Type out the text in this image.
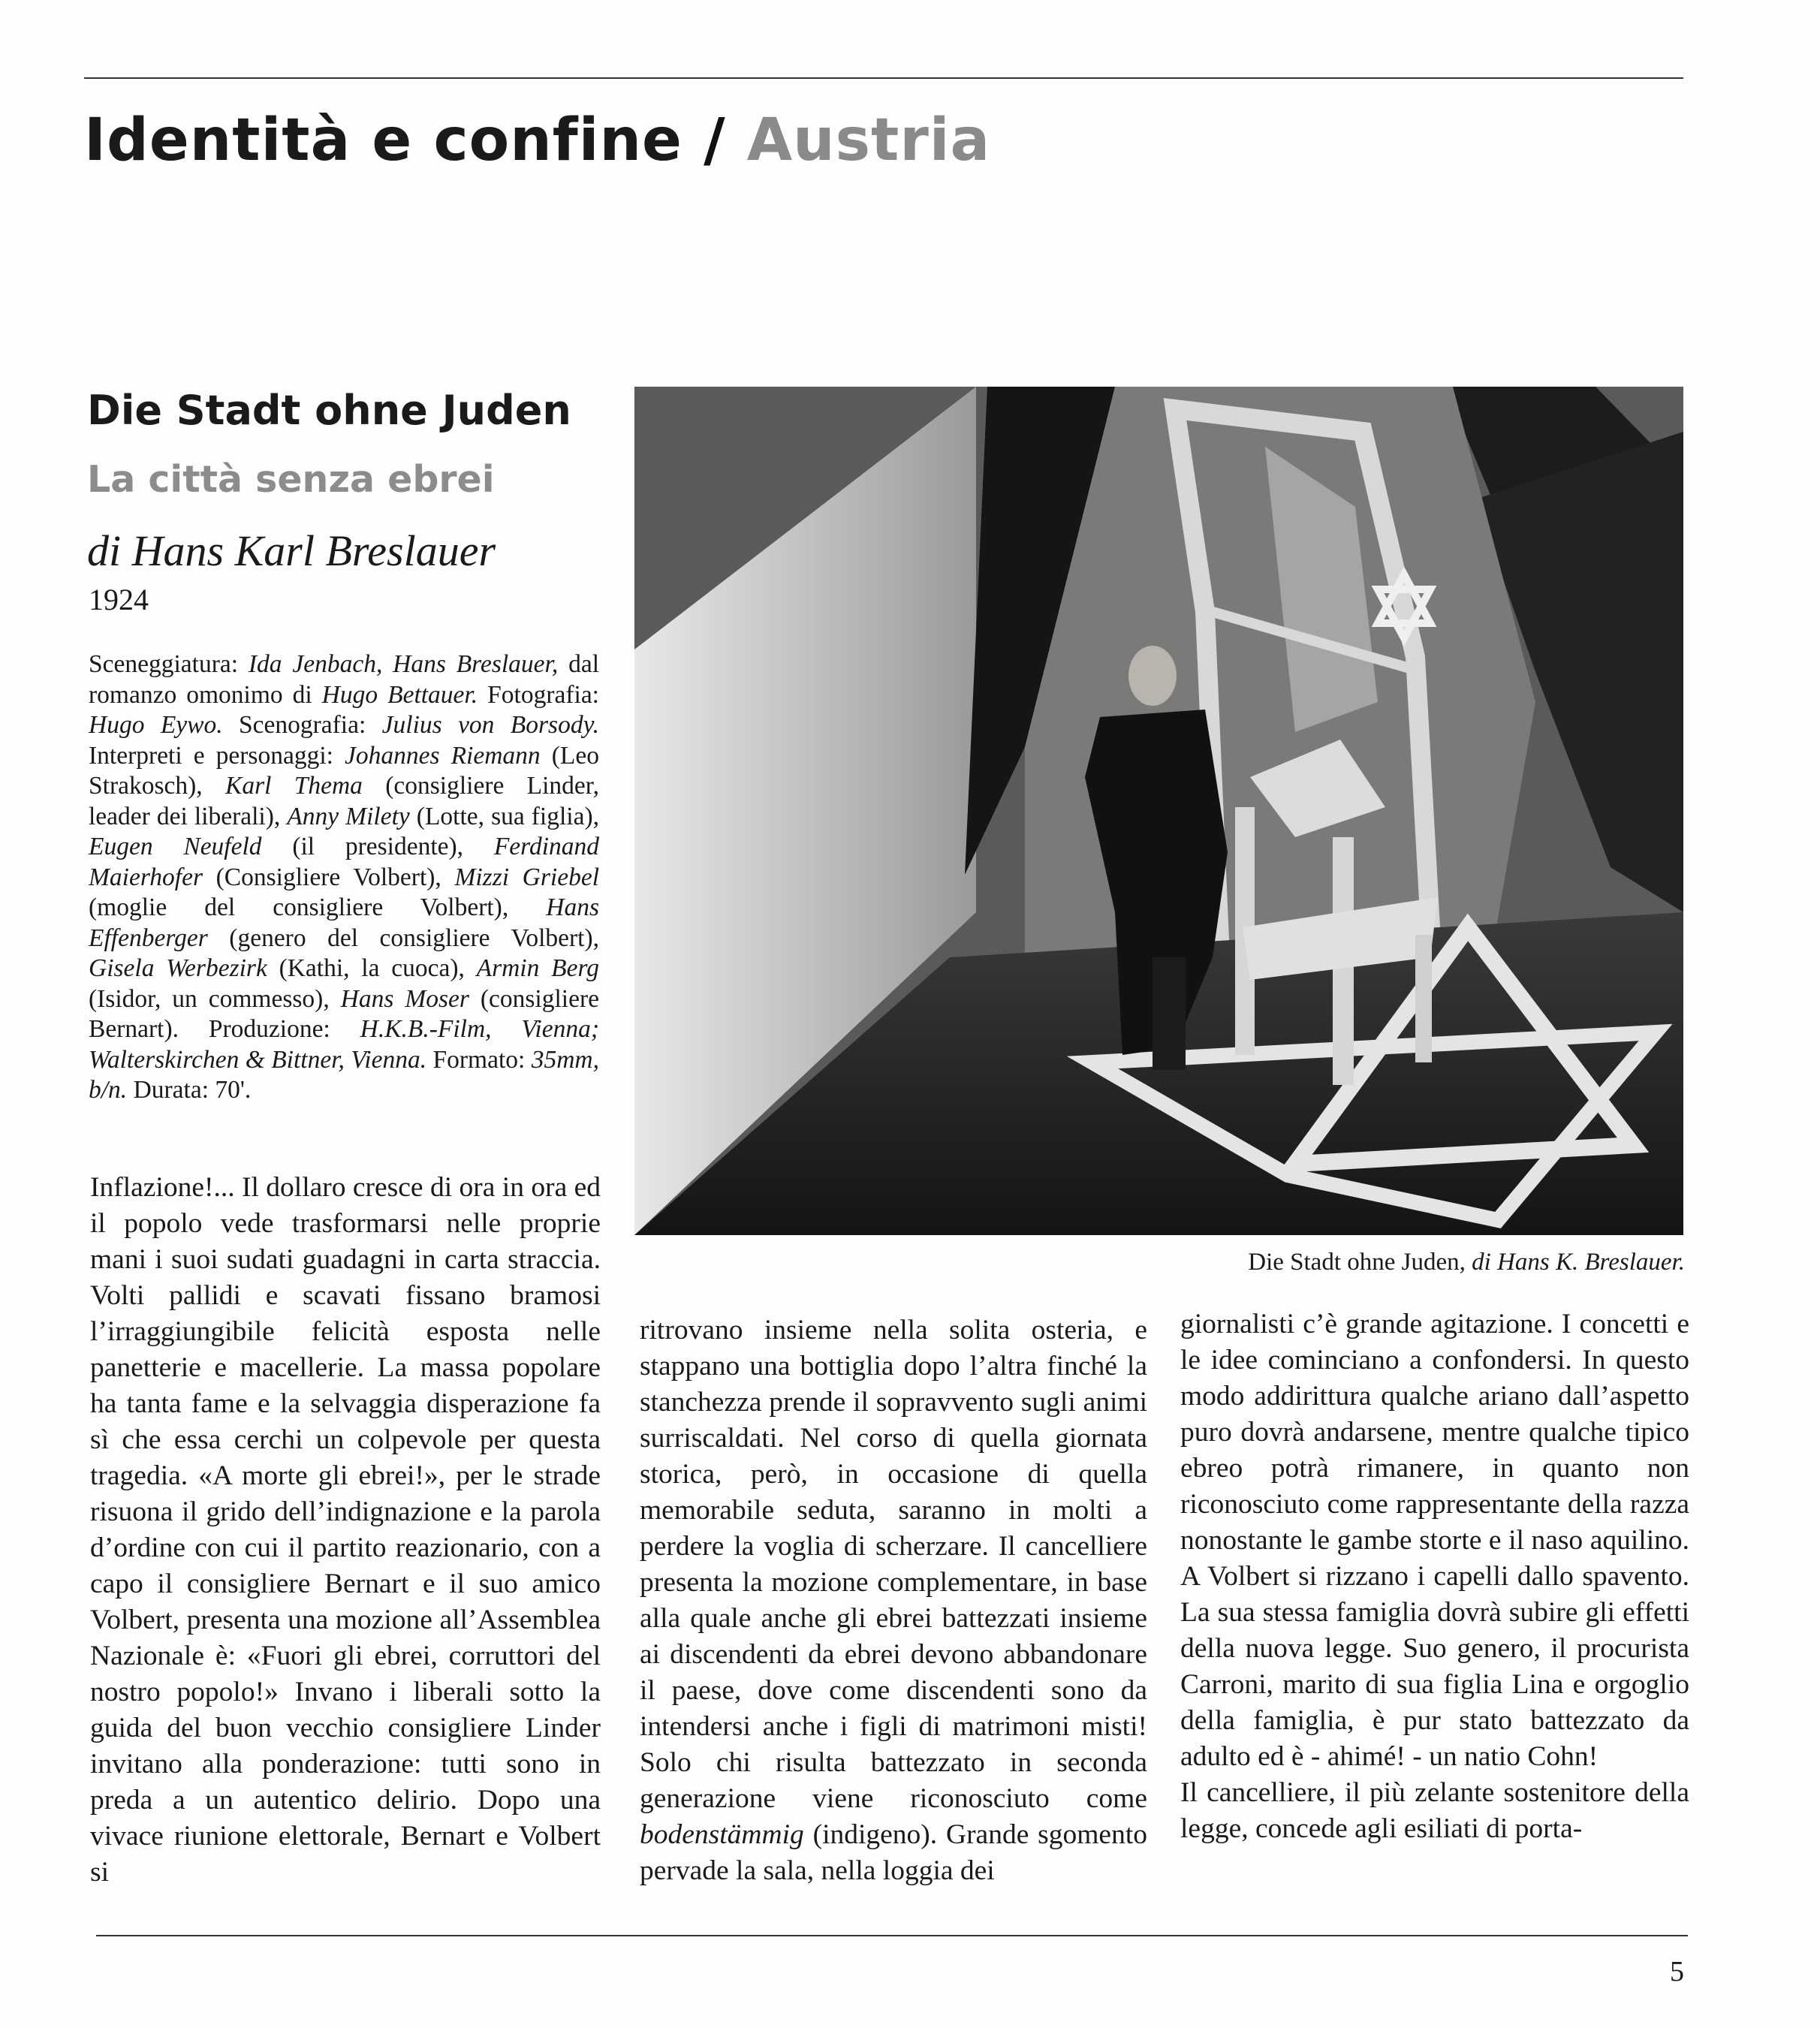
Identità e confine / Austria
Die Stadt ohne Juden
La città senza ebrei
di Hans Karl Breslauer
1924

Sceneggiatura: Ida Jenbach, Hans Breslauer, dal romanzo omonimo di Hugo Bettauer. Fotografia: Hugo Eywo. Scenografia: Julius von Borsody. Interpreti e personaggi: Johannes Riemann (Leo Strakosch), Karl Thema (consigliere Linder, leader dei liberali), Anny Milety (Lotte, sua figlia), Eugen Neufeld (il presidente), Ferdinand Maierhofer (Consigliere Volbert), Mizzi Griebel (moglie del consigliere Volbert), Hans Effenberger (genero del consigliere Volbert), Gisela Werbezirk (Kathi, la cuoca), Armin Berg (Isidor, un commesso), Hans Moser (consigliere Bernart). Produzione: H.K.B.-Film, Vienna; Walterskirchen & Bittner, Vienna. Formato: 35mm, b/n. Durata: 70'.

Inflazione!... Il dollaro cresce di ora in ora ed il popolo vede trasformarsi nelle proprie mani i suoi sudati guadagni in carta straccia. Volti pallidi e scavati fissano bramosi l’irraggiungibile felicità esposta nelle panetterie e macellerie. La massa popolare ha tanta fame e la selvaggia disperazione fa sì che essa cerchi un colpevole per questa tragedia. «A morte gli ebrei!», per le strade risuona il grido dell’indignazione e la parola d’ordine con cui il partito reazionario, con a capo il consigliere Bernart e il suo amico Volbert, presenta una mozione all’Assemblea Nazionale è: «Fuori gli ebrei, corruttori del nostro popolo!» Invano i liberali sotto la guida del buon vecchio consigliere Linder invitano alla ponderazione: tutti sono in preda a un autentico delirio. Dopo una vivace riunione elettorale, Bernart e Volbert si

Die Stadt ohne Juden, di Hans K. Breslauer.

ritrovano insieme nella solita osteria, e stappano una bottiglia dopo l’altra finché la stanchezza prende il sopravvento sugli animi surriscaldati. Nel corso di quella giornata storica, però, in occasione di quella memorabile seduta, saranno in molti a perdere la voglia di scherzare. Il cancelliere presenta la mozione complementare, in base alla quale anche gli ebrei battezzati insieme ai discendenti da ebrei devono abbandonare il paese, dove come discendenti sono da intendersi anche i figli di matrimoni misti! Solo chi risulta battezzato in seconda generazione viene riconosciuto come bodenstämmig (indigeno). Grande sgomento pervade la sala, nella loggia dei

giornalisti c’è grande agitazione. I concetti e le idee cominciano a confondersi. In questo modo addirittura qualche ariano dall’aspetto puro dovrà andarsene, mentre qualche tipico ebreo potrà rimanere, in quanto non riconosciuto come rappresentante della razza nonostante le gambe storte e il naso aquilino. A Volbert si rizzano i capelli dallo spavento. La sua stessa famiglia dovrà subire gli effetti della nuova legge. Suo genero, il procurista Carroni, marito di sua figlia Lina e orgoglio della famiglia, è pur stato battezzato da adulto ed è - ahimé! - un natio Cohn!

Il cancelliere, il più zelante sostenitore della legge, concede agli esiliati di porta-

5
